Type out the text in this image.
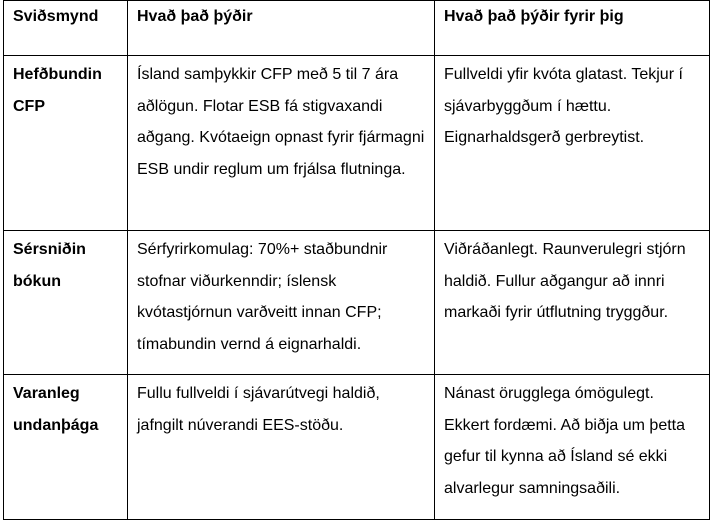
Sviðsmynd	Hvað það þýðir	Hvað það þýðir fyrir þig
Hefðbundin CFP	Ísland samþykkir CFP með 5 til 7 ára aðlögun. Flotar ESB fá stigvaxandi aðgang. Kvótaeign opnast fyrir fjármagni ESB undir reglum um frjálsa flutninga.	Fullveldi yfir kvóta glatast. Tekjur í sjávarbyggðum í hættu. Eignarhaldsgerð gerbreytist.
Sérsniðin bókun	Sérfyrirkomulag: 70%+ staðbundnir stofnar viðurkenndir; íslensk kvótastjórnun varðveitt innan CFP; tímabundin vernd á eignarhaldi.	Viðráðanlegt. Raunverulegri stjórn haldið. Fullur aðgangur að innri markaði fyrir útflutning tryggður.
Varanleg undanþága	Fullu fullveldi í sjávarútvegi haldið, jafngilt núverandi EES-stöðu.	Nánast örugglega ómögulegt. Ekkert fordæmi. Að biðja um þetta gefur til kynna að Ísland sé ekki alvarlegur samningsaðili.
